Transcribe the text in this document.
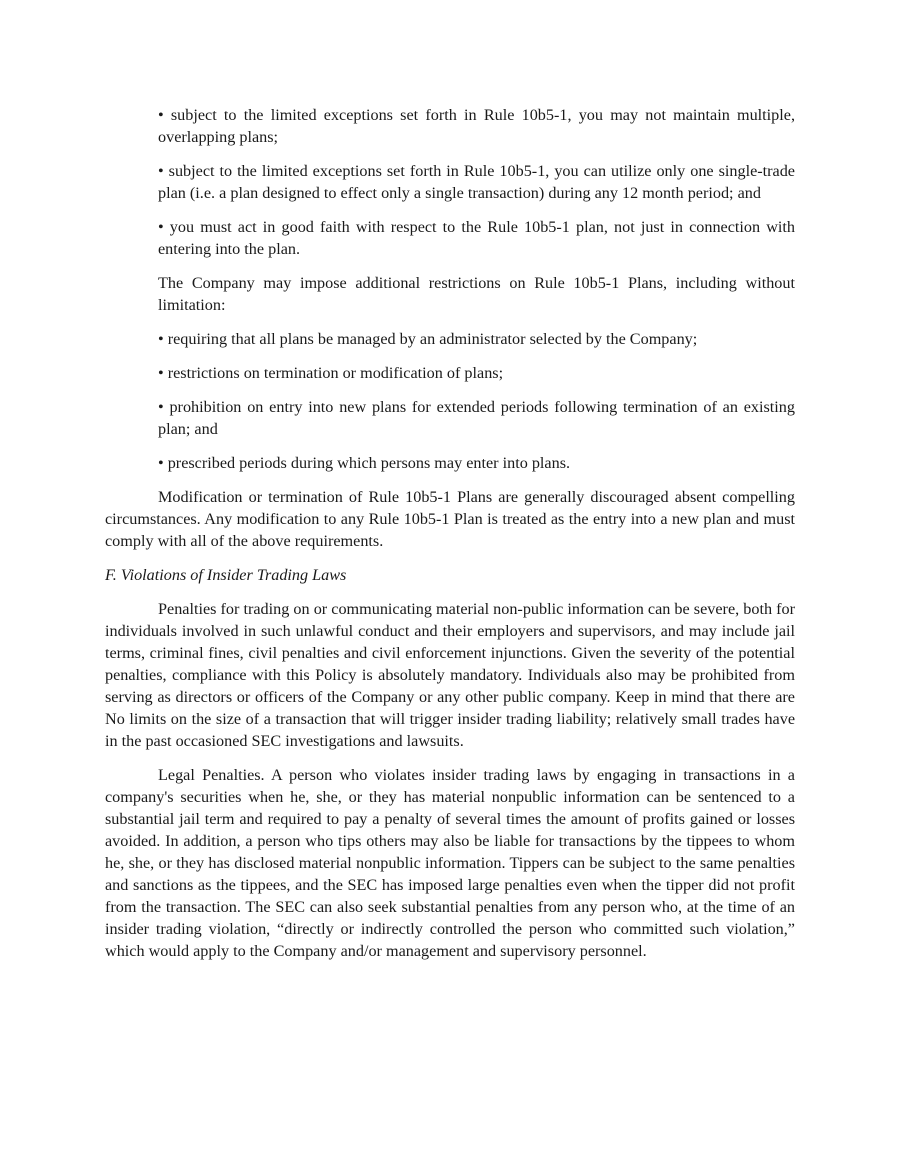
• subject to the limited exceptions set forth in Rule 10b5-1, you may not maintain multiple, overlapping plans;

• subject to the limited exceptions set forth in Rule 10b5-1, you can utilize only one single-trade plan (i.e. a plan designed to effect only a single transaction) during any 12 month period; and

• you must act in good faith with respect to the Rule 10b5-1 plan, not just in connection with entering into the plan.

The Company may impose additional restrictions on Rule 10b5-1 Plans, including without limitation:

• requiring that all plans be managed by an administrator selected by the Company;

• restrictions on termination or modification of plans;

• prohibition on entry into new plans for extended periods following termination of an existing plan; and

• prescribed periods during which persons may enter into plans.

Modification or termination of Rule 10b5-1 Plans are generally discouraged absent compelling circumstances. Any modification to any Rule 10b5-1 Plan is treated as the entry into a new plan and must comply with all of the above requirements.

F. Violations of Insider Trading Laws

Penalties for trading on or communicating material non-public information can be severe, both for individuals involved in such unlawful conduct and their employers and supervisors, and may include jail terms, criminal fines, civil penalties and civil enforcement injunctions. Given the severity of the potential penalties, compliance with this Policy is absolutely mandatory. Individuals also may be prohibited from serving as directors or officers of the Company or any other public company. Keep in mind that there are No limits on the size of a transaction that will trigger insider trading liability; relatively small trades have in the past occasioned SEC investigations and lawsuits.

Legal Penalties. A person who violates insider trading laws by engaging in transactions in a company's securities when he, she, or they has material nonpublic information can be sentenced to a substantial jail term and required to pay a penalty of several times the amount of profits gained or losses avoided. In addition, a person who tips others may also be liable for transactions by the tippees to whom he, she, or they has disclosed material nonpublic information. Tippers can be subject to the same penalties and sanctions as the tippees, and the SEC has imposed large penalties even when the tipper did not profit from the transaction. The SEC can also seek substantial penalties from any person who, at the time of an insider trading violation, “directly or indirectly controlled the person who committed such violation,” which would apply to the Company and/or management and supervisory personnel.
